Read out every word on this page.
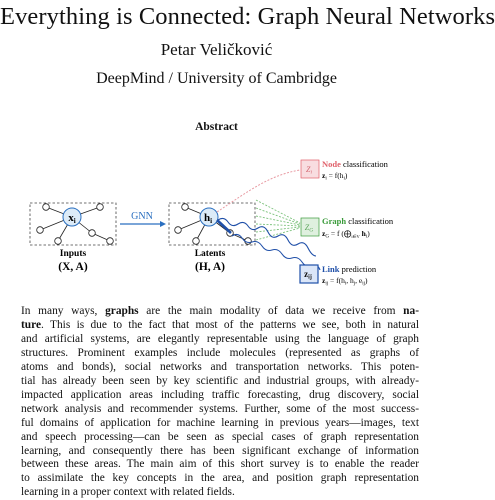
Everything is Connected: Graph Neural Networks
Petar Veličković
DeepMind / University of Cambridge
Abstract
xi	hi
GNN
Inputs
(X, A)
Latents
(H, A)
Zi
ZG
zij
Node classification
$z_i = f(h_i)$
Graph classification
$z_G = f$ ($⨁_{i\in V}$ $h_i$)
Link prediction
$z_{ij} = f(h_i$, $h_j$, $e_{ij}$)
In many ways, graphs are the main modality of data we receive from na-
ture. This is due to the fact that most of the patterns we see, both in natural
and artificial systems, are elegantly representable using the language of graph
structures. Prominent examples include molecules (represented as graphs of
atoms and bonds), social networks and transportation networks. This poten-
tial has already been seen by key scientific and industrial groups, with already-
impacted application areas including traffic forecasting, drug discovery, social
network analysis and recommender systems. Further, some of the most success-
ful domains of application for machine learning in previous years—images, text
and speech processing—can be seen as special cases of graph representation
learning, and consequently there has been significant exchange of information
between these areas. The main aim of this short survey is to enable the reader
to assimilate the key concepts in the area, and position graph representation
learning in a proper context with related fields.
